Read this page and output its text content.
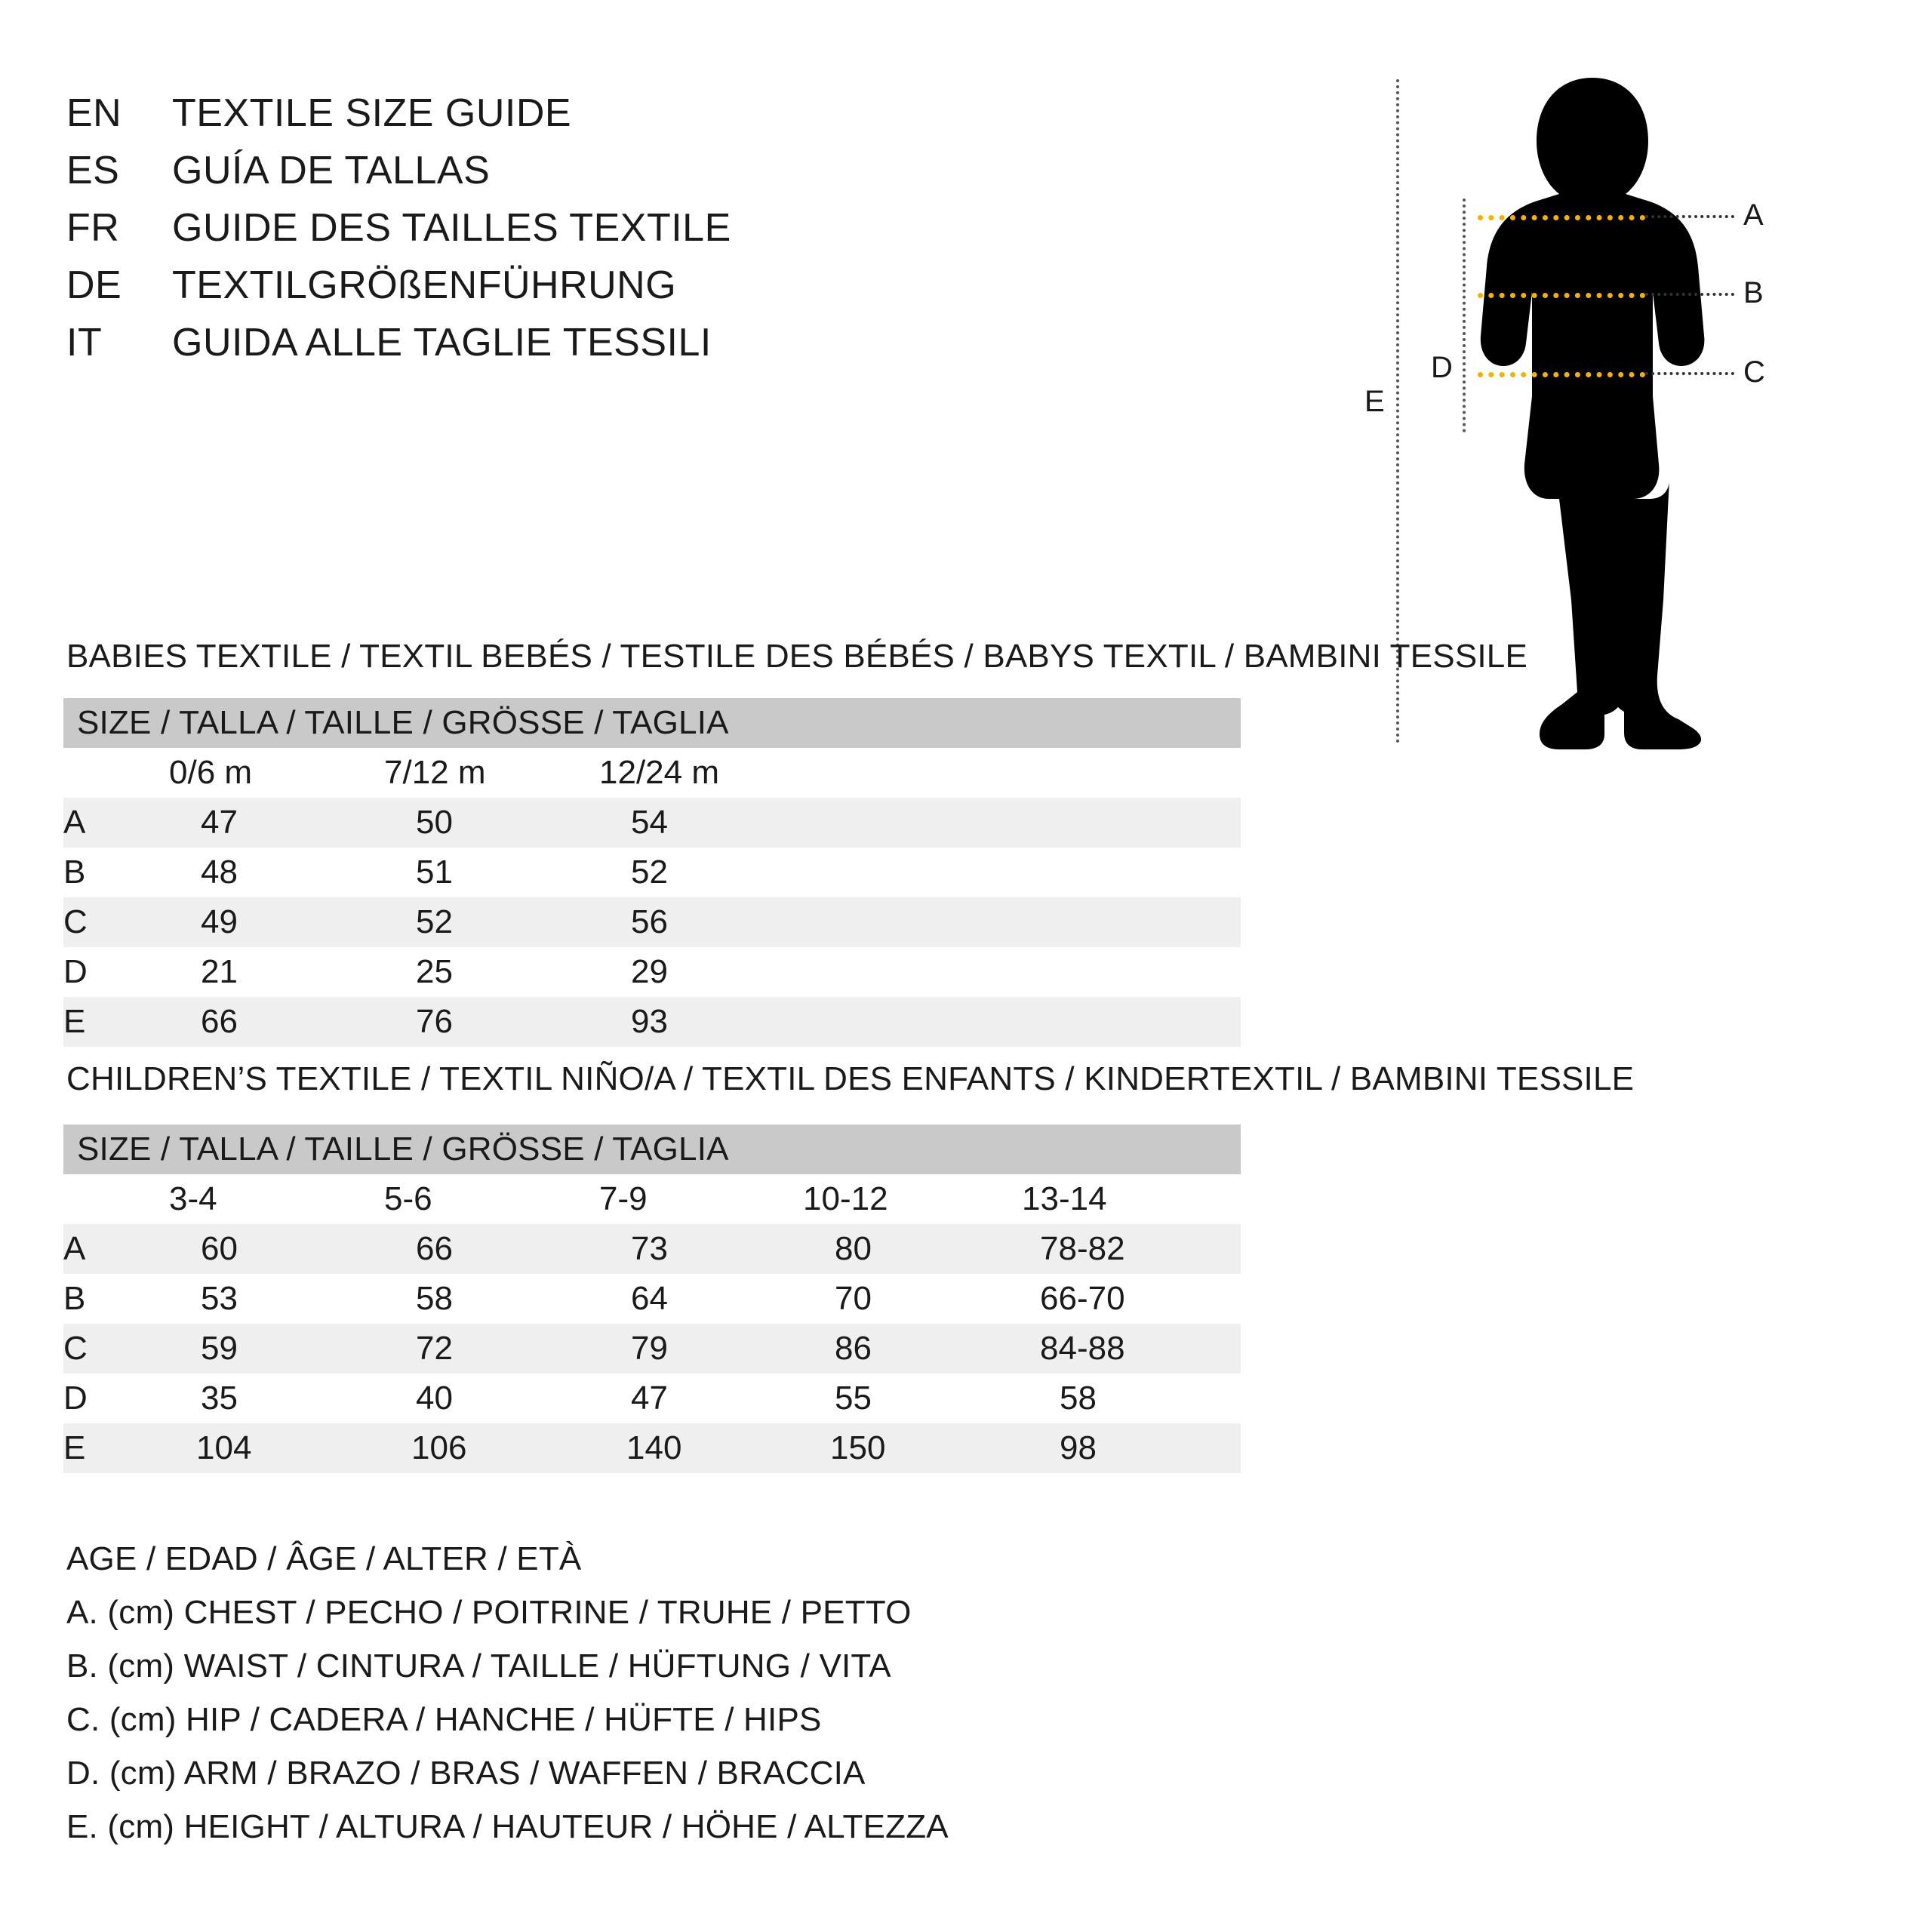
EN	TEXTILE SIZE GUIDE
ES	GUÍA DE TALLAS
FR	GUIDE DES TAILLES TEXTILE
DE	TEXTILGRÖßENFÜHRUNG
IT	GUIDA ALLE TAGLIE TESSILI
E
D
A
B
C
BABIES TEXTILE / TEXTIL BEBÉS / TESTILE DES BÉBÉS / BABYS TEXTIL / BAMBINI TESSILE
SIZE / TALLA / TAILLE / GRÖSSE / TAGLIA				
	0/6 m	7/12 m	12/24 m	
A	47	50	54	
B	48	51	52	
C	49	52	56	
D	21	25	29	
E	66	76	93	
CHILDREN’S TEXTILE / TEXTIL NIÑO/A / TEXTIL DES ENFANTS / KINDERTEXTIL / BAMBINI TESSILE
SIZE / TALLA / TAILLE / GRÖSSE / TAGLIA					
	3-4	5-6	7-9	10-12	13-14
A	60	66	73	80	78-82
B	53	58	64	70	66-70
C	59	72	79	86	84-88
D	35	40	47	55	58
E	104	106	140	150	98
AGE / EDAD / ÂGE / ALTER / ETÀ
A. (cm) CHEST / PECHO / POITRINE / TRUHE / PETTO
B. (cm) WAIST / CINTURA / TAILLE / HÜFTUNG / VITA
C. (cm) HIP / CADERA / HANCHE / HÜFTE / HIPS
D. (cm) ARM / BRAZO / BRAS / WAFFEN / BRACCIA
E. (cm) HEIGHT / ALTURA / HAUTEUR / HÖHE / ALTEZZA
